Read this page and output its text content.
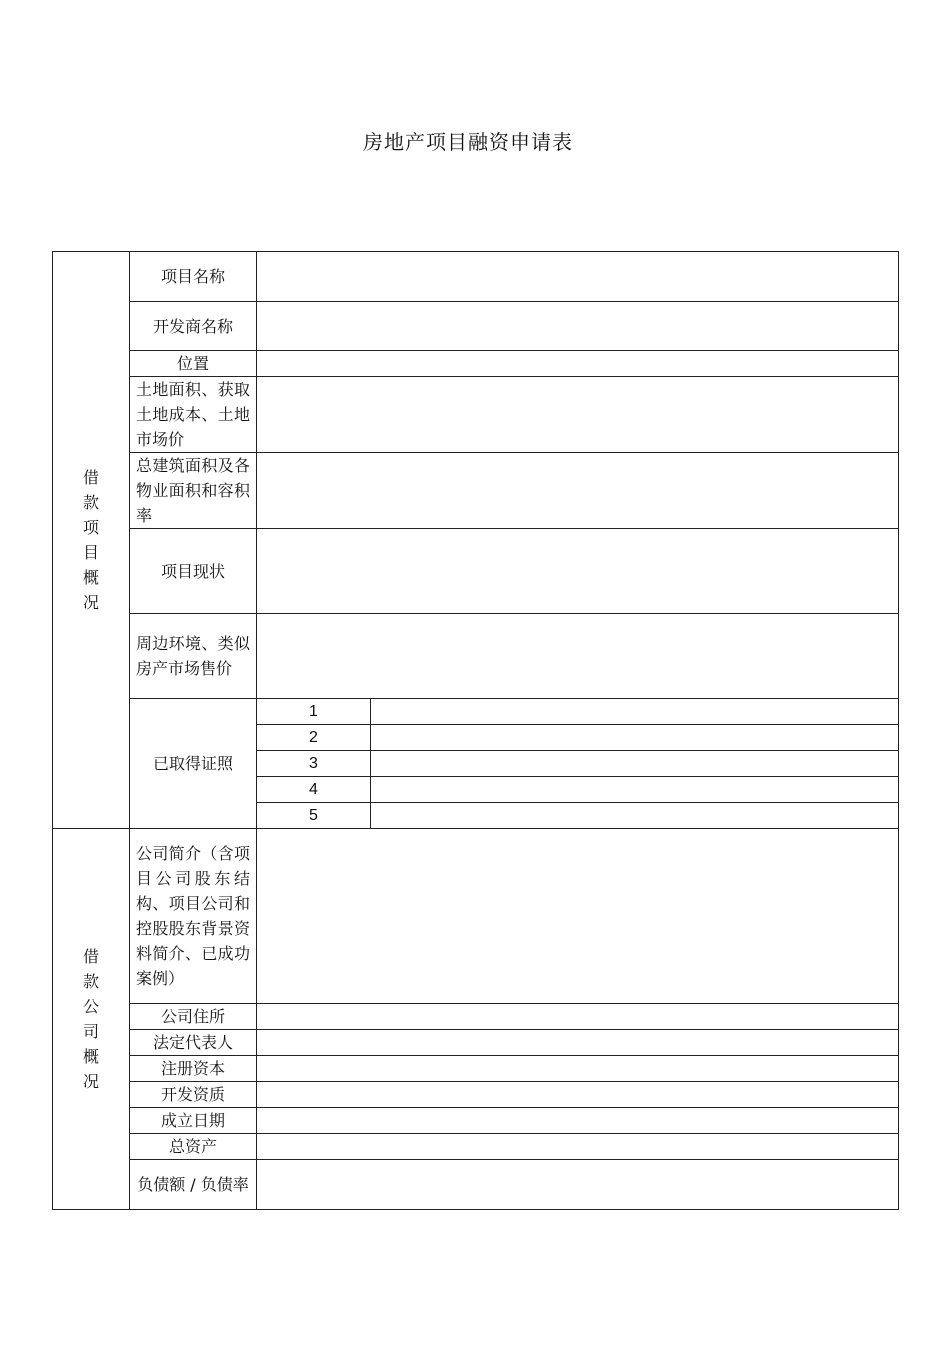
房地产项目融资申请表
借款项目概况	项目名称		
	开发商名称		
	位置		
	土地面积、获取土地成本、土地市场价		
	总建筑面积及各物业面积和容积率		
	项目现状		
	周边环境、类似房产市场售价		
	已取得证照	1	
		2	
		3	
		4	
		5	
借款公司概况	公司简介（含项目公司股东结构、项目公司和控股股东背景资料简介、已成功案例）		
	公司住所		
	法定代表人		
	注册资本		
	开发资质		
	成立日期		
	总资产		
	负债额 / 负债率		
